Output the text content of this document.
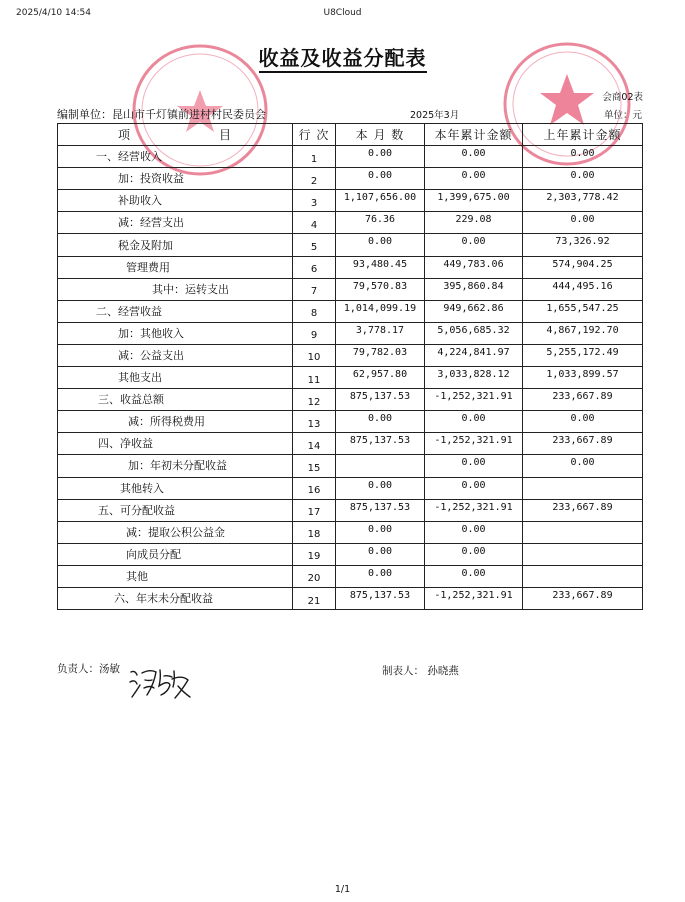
2025/4/10 14:54	U8Cloud
收益及收益分配表
会商02表
编制单位：昆山市千灯镇前进村村民委员会	2025年3月	单位：元
项 目	行 次	本 月 数	本年累计金额	上年累计金额
一、经营收入	1	0.00	0.00	0.00
加：投资收益	2	0.00	0.00	0.00
补助收入	3	1,107,656.00	1,399,675.00	2,303,778.42
减：经营支出	4	76.36	229.08	0.00
税金及附加	5	0.00	0.00	73,326.92
管理费用	6	93,480.45	449,783.06	574,904.25
其中：运转支出	7	79,570.83	395,860.84	444,495.16
二、经营收益	8	1,014,099.19	949,662.86	1,655,547.25
加：其他收入	9	3,778.17	5,056,685.32	4,867,192.70
减：公益支出	10	79,782.03	4,224,841.97	5,255,172.49
其他支出	11	62,957.80	3,033,828.12	1,033,899.57
三、收益总额	12	875,137.53	-1,252,321.91	233,667.89
减：所得税费用	13	0.00	0.00	0.00
四、净收益	14	875,137.53	-1,252,321.91	233,667.89
加：年初未分配收益	15		0.00	0.00
其他转入	16	0.00	0.00	
五、可分配收益	17	875,137.53	-1,252,321.91	233,667.89
减：提取公积公益金	18	0.00	0.00	
向成员分配	19	0.00	0.00	
其他	20	0.00	0.00	
六、年末未分配收益	21	875,137.53	-1,252,321.91	233,667.89
负责人：汤敏	制表人： 孙晓燕
1/1
